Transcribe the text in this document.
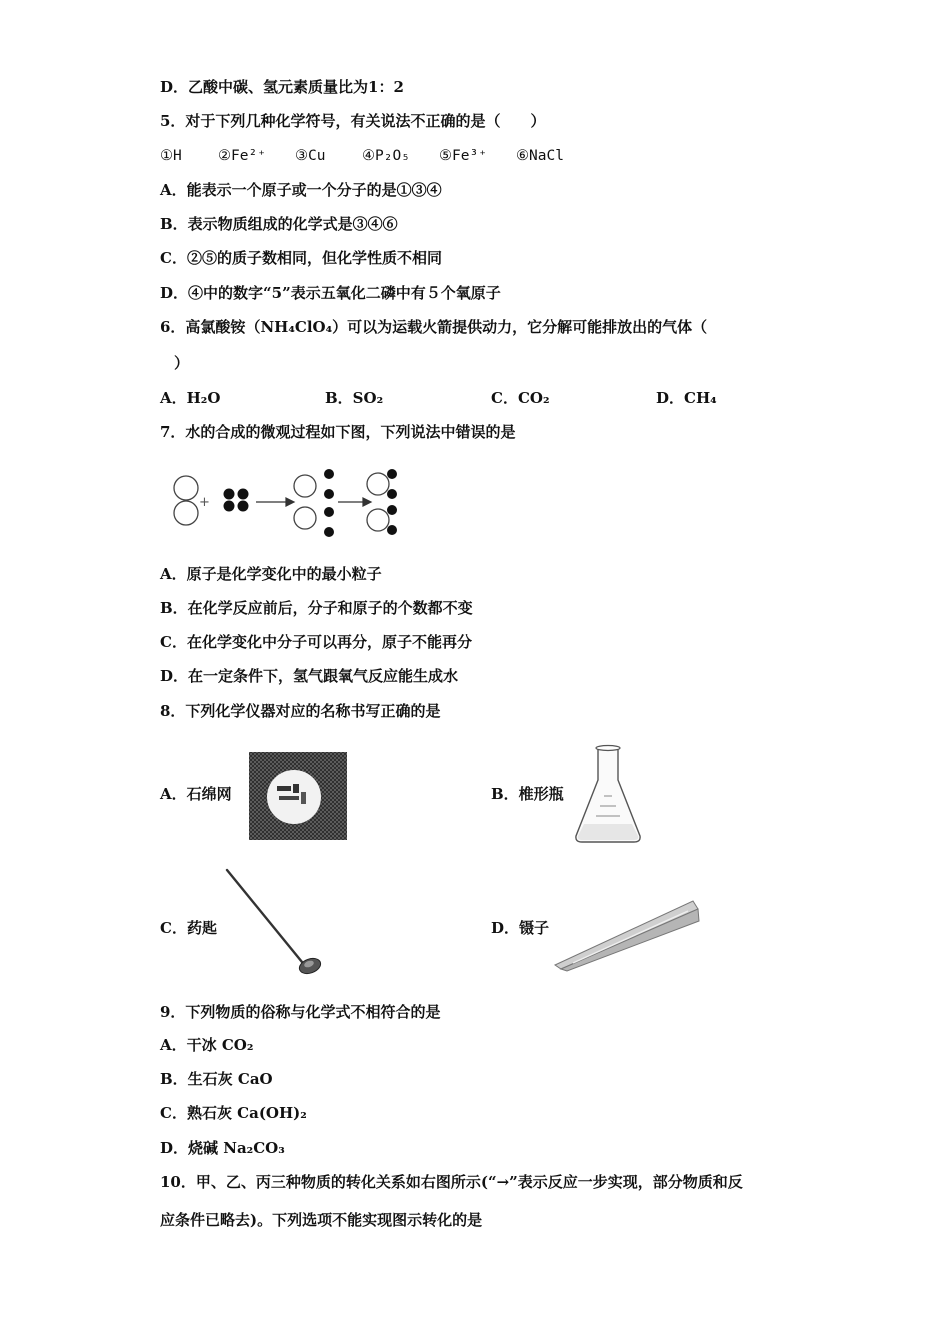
D．乙酸中碳、氢元素质量比为1：2
5．对于下列几种化学符号，有关说法不正确的是（　　）
①H	②Fe²⁺ ③Cu	④P₂O₅ ⑤Fe³⁺ ⑥NaCl
A．能表示一个原子或一个分子的是①③④
B．表示物质组成的化学式是③④⑥
C．②⑤的质子数相同，但化学性质不相同
D．④中的数字“5”表示五氧化二磷中有５个氧原子
6．高氯酸铵（NH₄ClO₄）可以为运载火箭提供动力，它分解可能排放出的气体（
）
A．H₂O	B．SO₂	C．CO₂	D．CH₄
7．水的合成的微观过程如下图，下列说法中错误的是
+
A．原子是化学变化中的最小粒子
B．在化学反应前后，分子和原子的个数都不变
C．在化学变化中分子可以再分，原子不能再分
D．在一定条件下，氢气跟氧气反应能生成水
8．下列化学仪器对应的名称书写正确的是
A．石绵网	B．椎形瓶
C．药匙	D．镊子
9．下列物质的俗称与化学式不相符合的是
A．干冰 CO₂
B．生石灰 CaO
C．熟石灰 Ca(OH)₂
D．烧碱 Na₂CO₃
10．甲、乙、丙三种物质的转化关系如右图所示(“→”表示反应一步实现，部分物质和反
应条件已略去)。下列选项不能实现图示转化的是
